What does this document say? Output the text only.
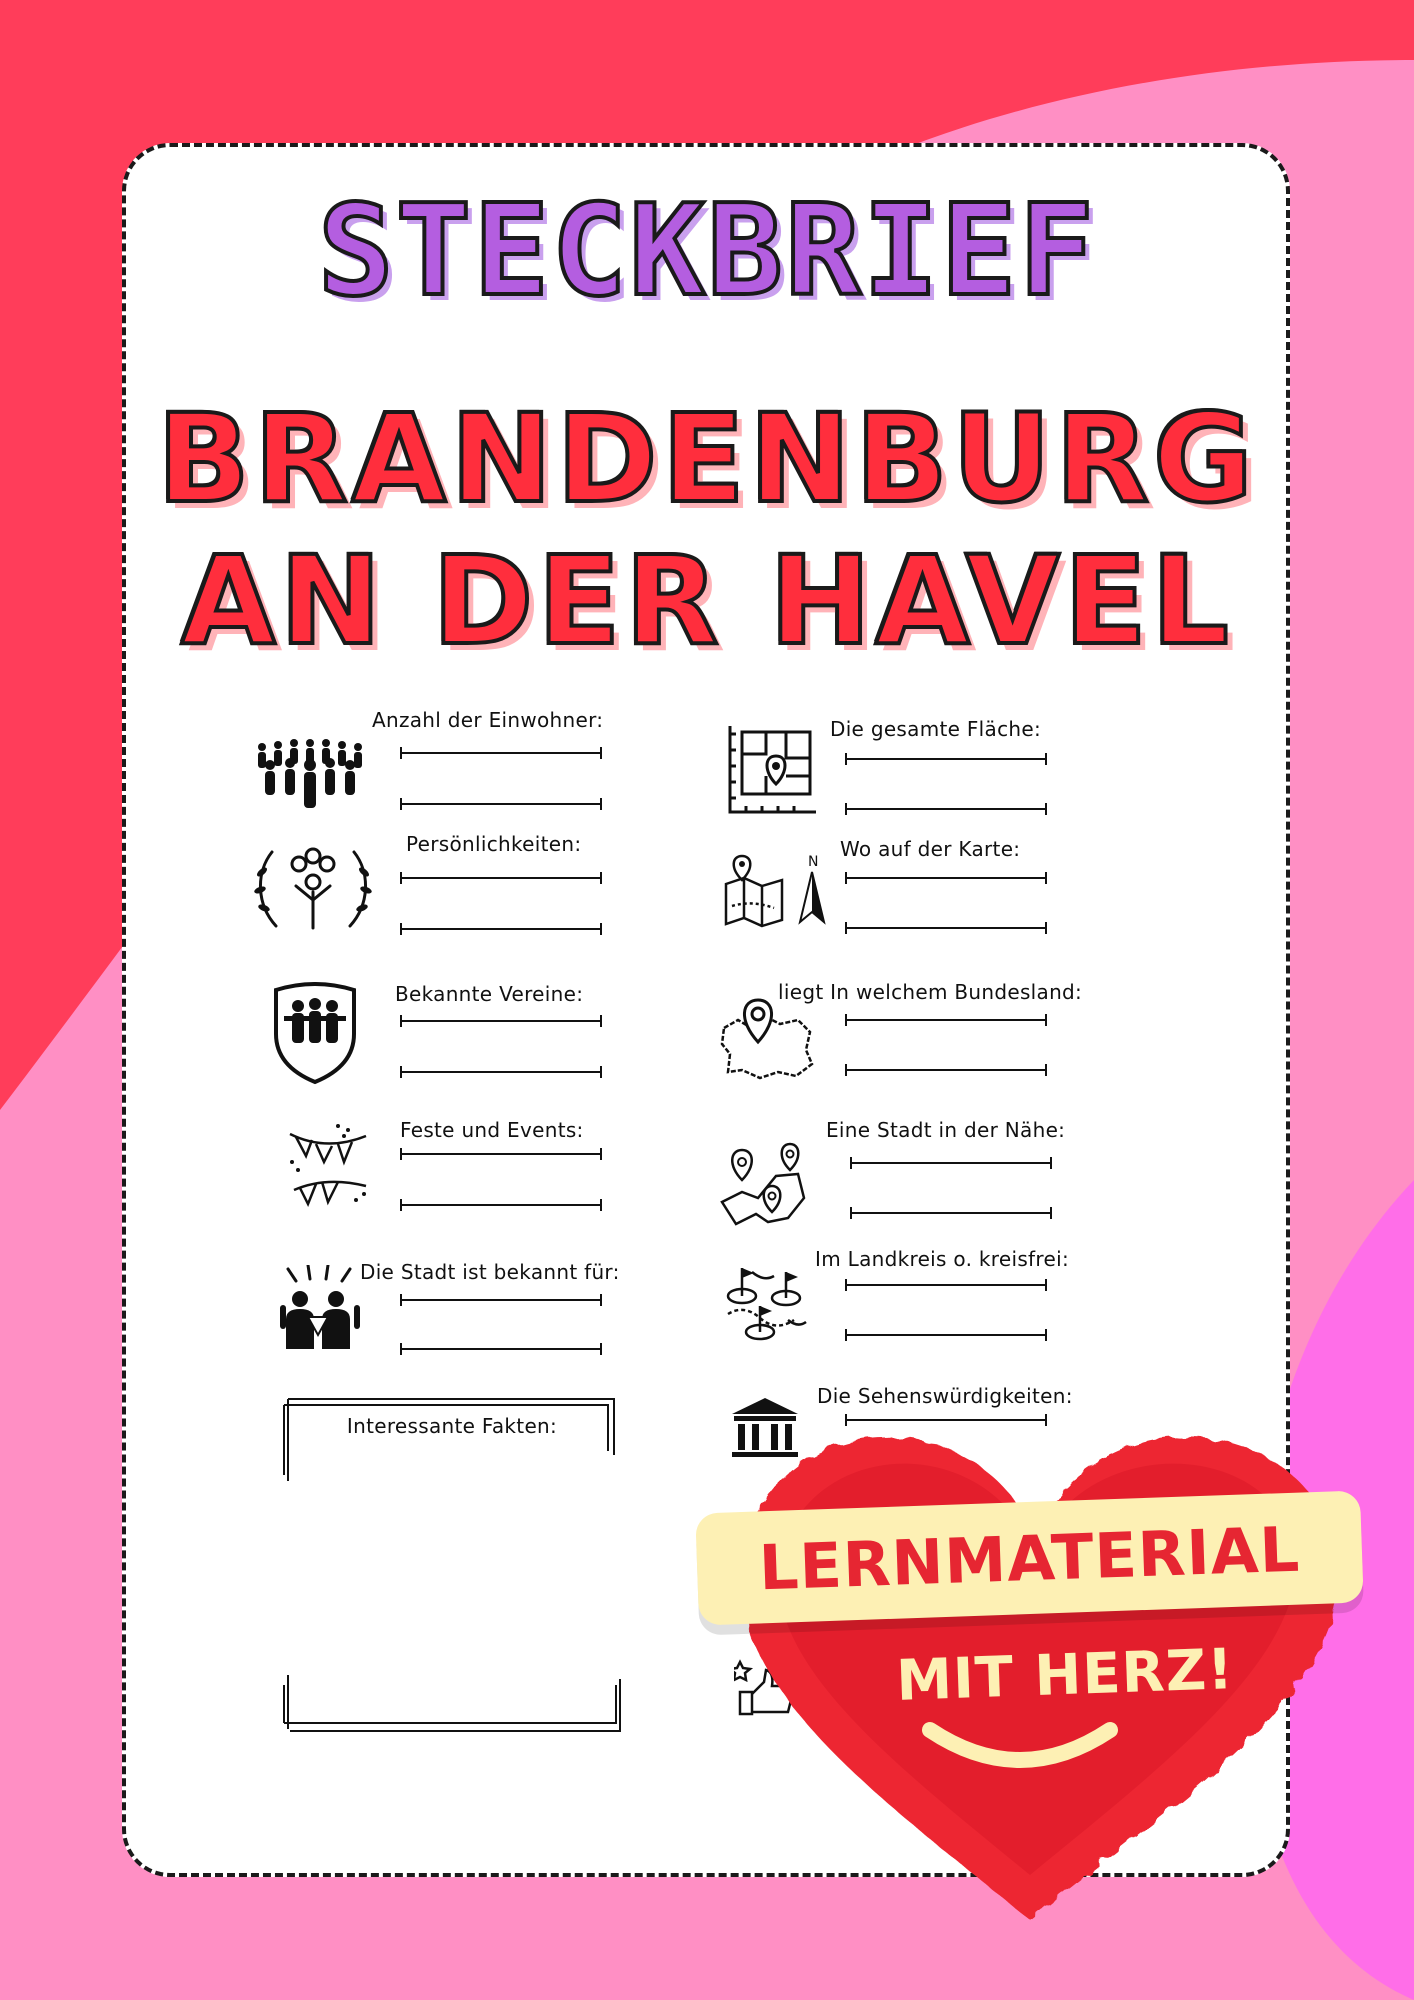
STECKBRIEF
BRANDENBURG
AN DER HAVEL
Anzahl der Einwohner:
Persönlichkeiten:
Bekannte Vereine:
Feste und Events:
Die Stadt ist bekannt für:
Interessante Fakten:
Die gesamte Fläche:
N
Wo auf der Karte:
liegt In welchem Bundesland:
Eine Stadt in der Nähe:
Im Landkreis o. kreisfrei:
Die Sehenswürdigkeiten:
LERNMATERIAL
MIT HERZ!
